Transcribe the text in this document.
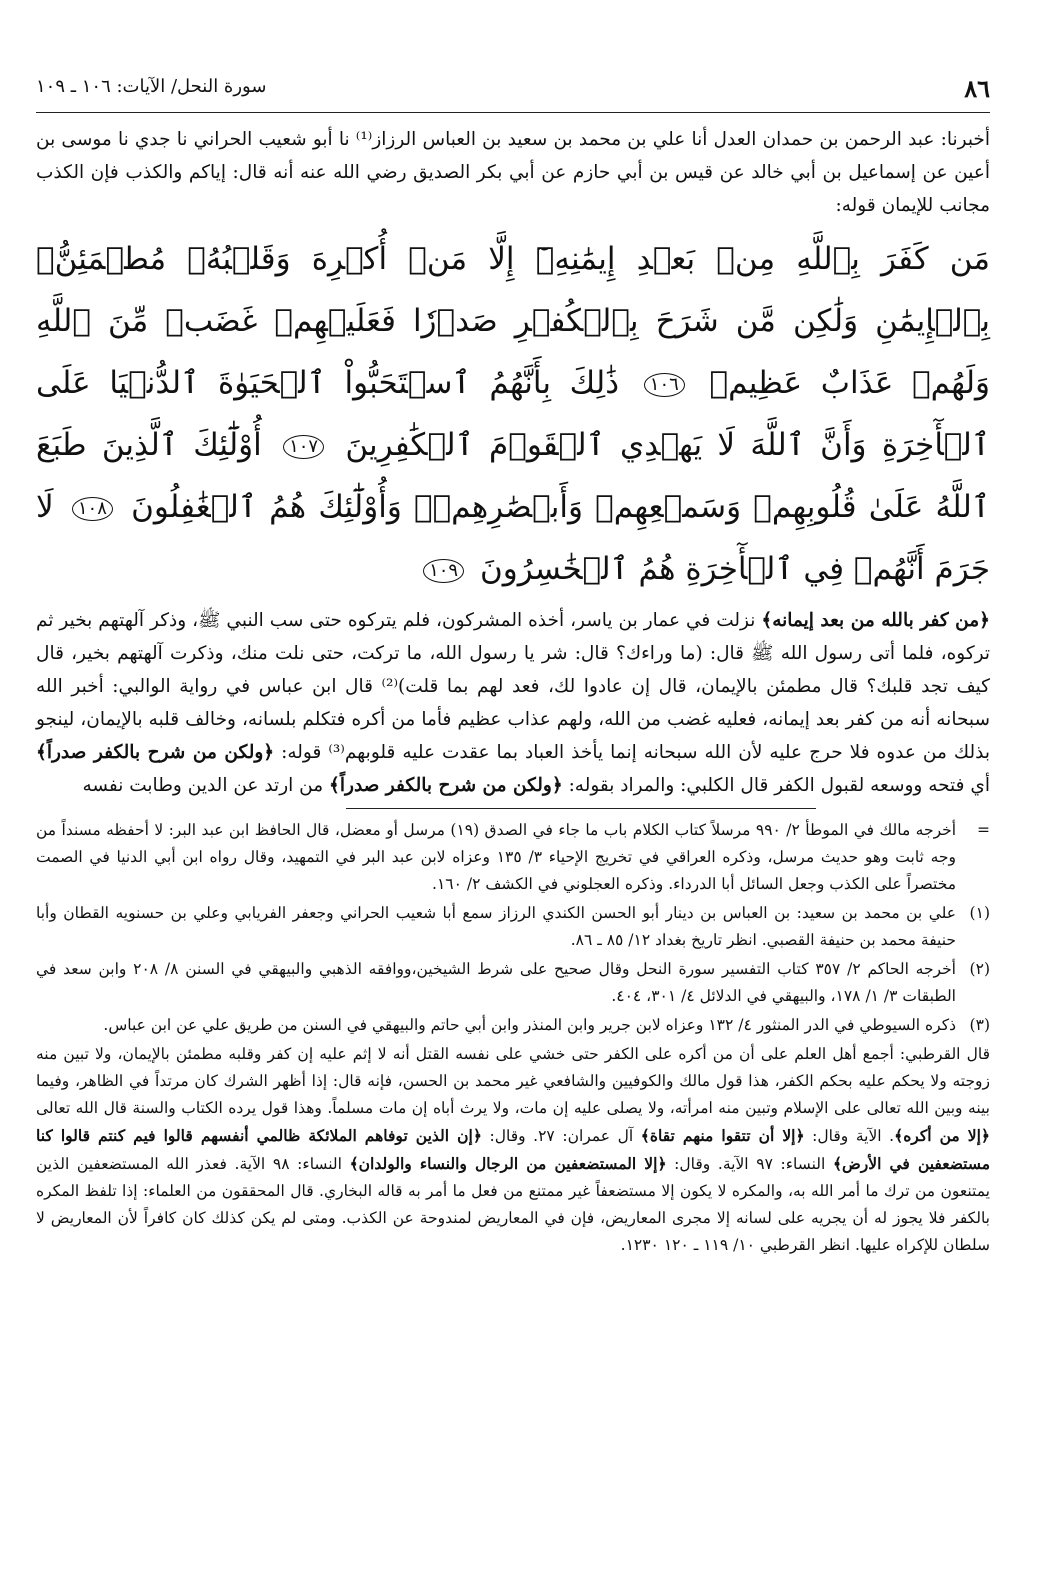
٨٦
سورة النحل/ الآيات: ١٠٦ ـ ١٠٩

أخبرنا: عبد الرحمن بن حمدان العدل أنا علي بن محمد بن سعيد بن العباس الرزاز⁽¹⁾ نا أبو شعيب الحراني نا جدي نا موسى بن أعين عن إسماعيل بن أبي خالد عن قيس بن أبي حازم عن أبي بكر الصديق رضي الله عنه أنه قال: إياكم والكذب فإن الكذب مجانب للإيمان قوله:

مَن كَفَرَ بِٱللَّهِ مِنۢ بَعۡدِ إِيمَٰنِهِۦٓ إِلَّا مَنۡ أُكۡرِهَ وَقَلۡبُهُۥ مُطۡمَئِنُّۢ بِٱلۡإِيمَٰنِ وَلَٰكِن مَّن شَرَحَ بِٱلۡكُفۡرِ صَدۡرٗا فَعَلَيۡهِمۡ غَضَبٞ مِّنَ ٱللَّهِ وَلَهُمۡ عَذَابٌ عَظِيمٞ ١٠٦ ذَٰلِكَ بِأَنَّهُمُ ٱسۡتَحَبُّواْ ٱلۡحَيَوٰةَ ٱلدُّنۡيَا عَلَى ٱلۡأٓخِرَةِ وَأَنَّ ٱللَّهَ لَا يَهۡدِي ٱلۡقَوۡمَ ٱلۡكَٰفِرِينَ ١٠٧ أُوْلَٰٓئِكَ ٱلَّذِينَ طَبَعَ ٱللَّهُ عَلَىٰ قُلُوبِهِمۡ وَسَمۡعِهِمۡ وَأَبۡصَٰرِهِمۡۖ وَأُوْلَٰٓئِكَ هُمُ ٱلۡغَٰفِلُونَ ١٠٨ لَا جَرَمَ أَنَّهُمۡ فِي ٱلۡأٓخِرَةِ هُمُ ٱلۡخَٰسِرُونَ ١٠٩

﴿من كفر بالله من بعد إيمانه﴾ نزلت في عمار بن ياسر، أخذه المشركون، فلم يتركوه حتى سب النبي ﷺ، وذكر آلهتهم بخير ثم تركوه، فلما أتى رسول الله ﷺ قال: (ما وراءك؟ قال: شر يا رسول الله، ما تركت، حتى نلت منك، وذكرت آلهتهم بخير، قال كيف تجد قلبك؟ قال مطمئن بالإيمان، قال إن عادوا لك، فعد لهم بما قلت)⁽²⁾ قال ابن عباس في رواية الوالبي: أخبر الله سبحانه أنه من كفر بعد إيمانه، فعليه غضب من الله، ولهم عذاب عظيم فأما من أكره فتكلم بلسانه، وخالف قلبه بالإيمان، لينجو بذلك من عدوه فلا حرج عليه لأن الله سبحانه إنما يأخذ العباد بما عقدت عليه قلوبهم⁽³⁾ قوله: ﴿ولكن من شرح بالكفر صدراً﴾ أي فتحه ووسعه لقبول الكفر قال الكلبي: والمراد بقوله: ﴿ولكن من شرح بالكفر صدراً﴾ من ارتد عن الدين وطابت نفسه

=
أخرجه مالك في الموطأ ٢/ ٩٩٠ مرسلاً كتاب الكلام باب ما جاء في الصدق (١٩) مرسل أو معضل، قال الحافظ ابن عبد البر: لا أحفظه مسنداً من وجه ثابت وهو حديث مرسل، وذكره العراقي في تخريج الإحياء ٣/ ١٣٥ وعزاه لابن عبد البر في التمهيد، وقال رواه ابن أبي الدنيا في الصمت مختصراً على الكذب وجعل السائل أبا الدرداء. وذكره العجلوني في الكشف ٢/ ١٦٠.

(١)
علي بن محمد بن سعيد: بن العباس بن دينار أبو الحسن الكندي الرزاز سمع أبا شعيب الحراني وجعفر الفريابي وعلي بن حسنويه القطان وأبا حنيفة محمد بن حنيفة القصبي. انظر تاريخ بغداد ١٢/ ٨٥ ـ ٨٦.

(٢)
أخرجه الحاكم ٢/ ٣٥٧ كتاب التفسير سورة النحل وقال صحيح على شرط الشيخين،ووافقه الذهبي والبيهقي في السنن ٨/ ٢٠٨ وابن سعد في الطبقات ٣/ ١/ ١٧٨، والبيهقي في الدلائل ٤/ ٣٠١، ٤٠٤.

(٣)
ذكره السيوطي في الدر المنثور ٤/ ١٣٢ وعزاه لابن جرير وابن المنذر وابن أبي حاتم والبيهقي في السنن من طريق علي عن ابن عباس.

قال القرطبي: أجمع أهل العلم على أن من أكره على الكفر حتى خشي على نفسه القتل أنه لا إثم عليه إن كفر وقلبه مطمئن بالإيمان، ولا تبين منه زوجته ولا يحكم عليه بحكم الكفر، هذا قول مالك والكوفيين والشافعي غير محمد بن الحسن، فإنه قال: إذا أظهر الشرك كان مرتداً في الظاهر، وفيما بينه وبين الله تعالى على الإسلام وتبين منه امرأته، ولا يصلى عليه إن مات، ولا يرث أباه إن مات مسلماً. وهذا قول يرده الكتاب والسنة قال الله تعالى ﴿إلا من أكره﴾. الآية وقال: ﴿إلا أن تتقوا منهم تقاة﴾ آل عمران: ٢٧. وقال: ﴿إن الذين توفاهم الملائكة ظالمي أنفسهم قالوا فيم كنتم قالوا كنا مستضعفين في الأرض﴾ النساء: ٩٧ الآية. وقال: ﴿إلا المستضعفين من الرجال والنساء والولدان﴾ النساء: ٩٨ الآية. فعذر الله المستضعفين الذين يمتنعون من ترك ما أمر الله به، والمكره لا يكون إلا مستضعفاً غير ممتنع من فعل ما أمر به قاله البخاري. قال المحققون من العلماء: إذا تلفظ المكره بالكفر فلا يجوز له أن يجريه على لسانه إلا مجرى المعاريض، فإن في المعاريض لمندوحة عن الكذب. ومتى لم يكن كذلك كان كافراً لأن المعاريض لا سلطان للإكراه عليها. انظر القرطبي ١٠/ ١١٩ ـ ١٢٠ ١٢٣٠.
